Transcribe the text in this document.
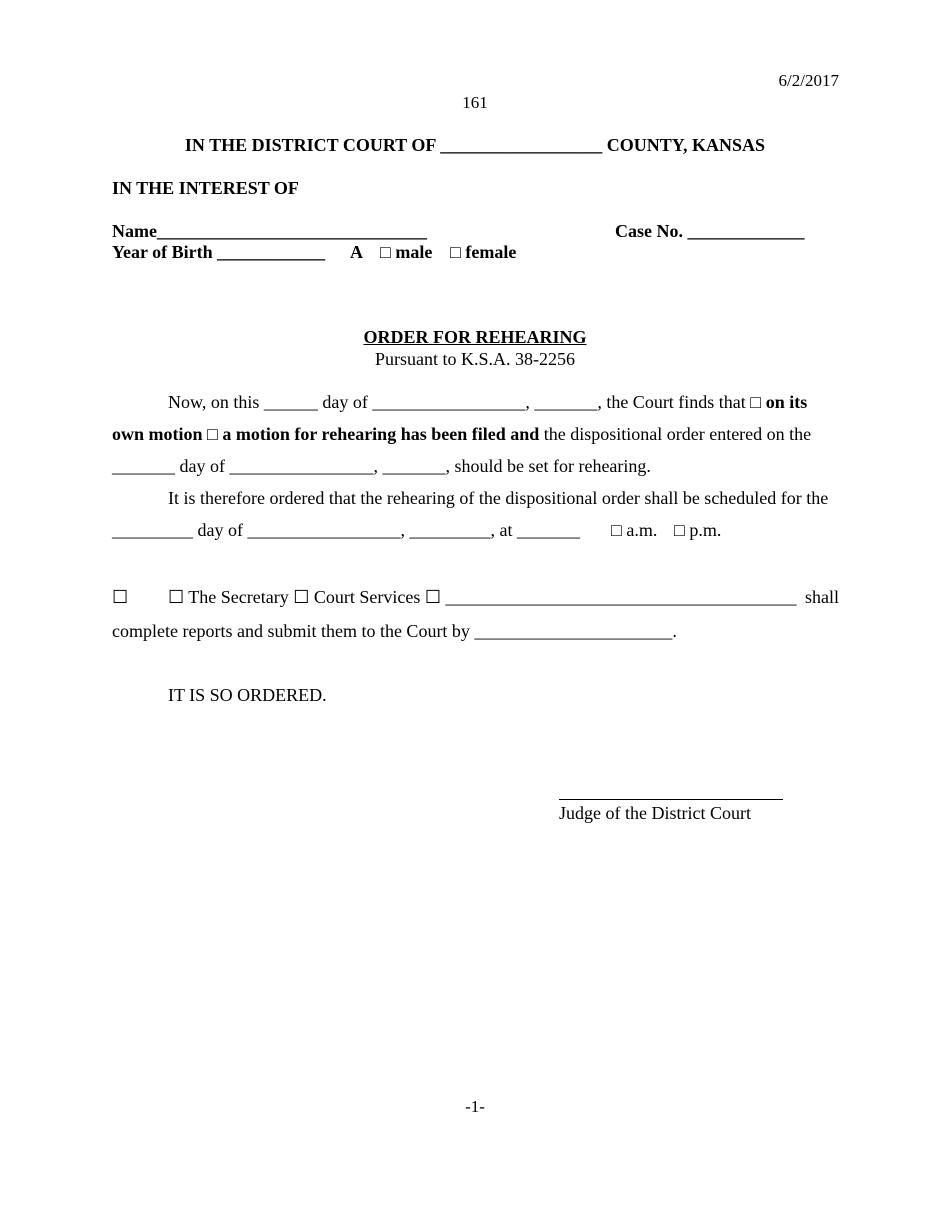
6/2/2017
161
IN THE DISTRICT COURT OF __________________ COUNTY, KANSAS
IN THE INTEREST OF
Name______________________________	Case No. _____________
Year of Birth ____________ A □ male □ female
ORDER FOR REHEARING
Pursuant to K.S.A. 38-2256
Now, on this ______ day of _________________, _______, the Court finds that □ on its
own motion □ a motion for rehearing has been filed and the dispositional order entered on the
_______ day of ________________, _______, should be set for rehearing.
It is therefore ordered that the rehearing of the dispositional order shall be scheduled for the
_________ day of _________________, _________, at _______ □ a.m. □ p.m.
☐ ☐ The Secretary ☐ Court Services ☐ _______________________________________ shall
complete reports and submit them to the Court by ______________________.
IT IS SO ORDERED.
Judge of the District Court
-1-
